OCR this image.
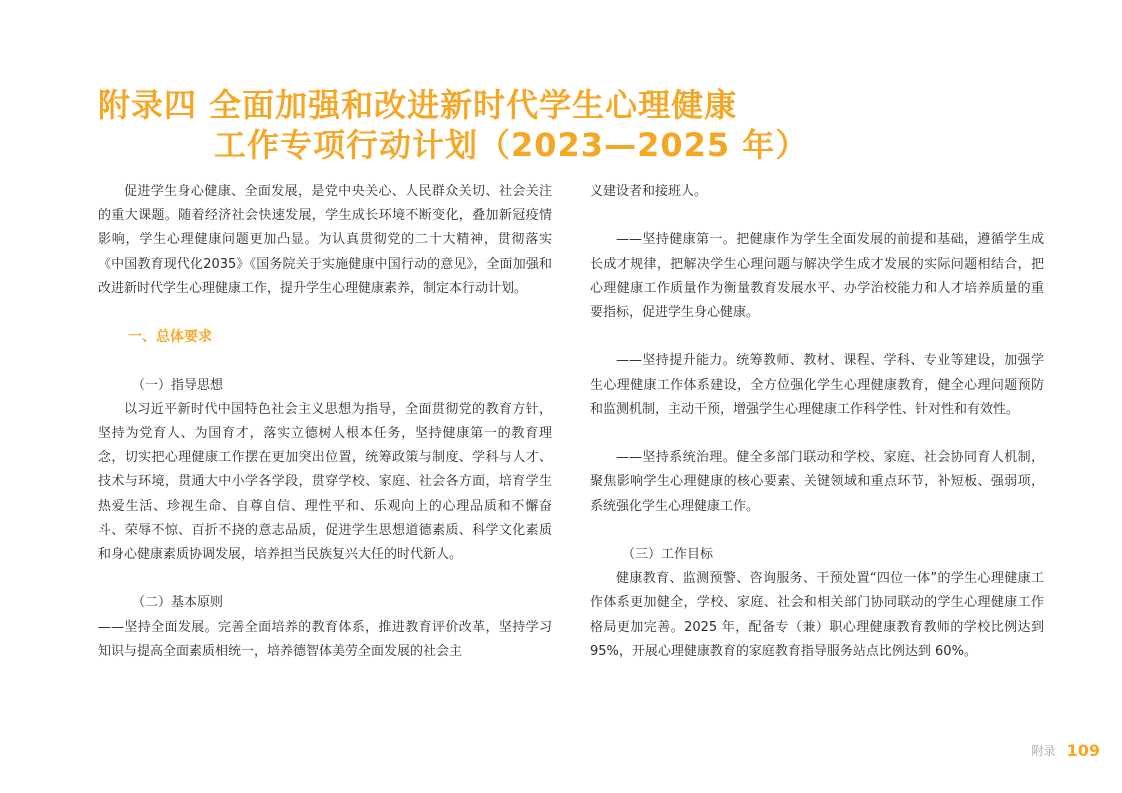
附录四 全面加强和改进新时代学生心理健康
工作专项行动计划（2023—2025 年）

促进学生身心健康、全面发展，是党中央关心、人民群众关切、社会关注的重大课题。随着经济社会快速发展，学生成长环境不断变化，叠加新冠疫情影响，学生心理健康问题更加凸显。为认真贯彻党的二十大精神，贯彻落实《中国教育现代化2035》《国务院关于实施健康中国行动的意见》，全面加强和改进新时代学生心理健康工作，提升学生心理健康素养，制定本行动计划。

一、总体要求

（一）指导思想

以习近平新时代中国特色社会主义思想为指导，全面贯彻党的教育方针，坚持为党育人、为国育才，落实立德树人根本任务，坚持健康第一的教育理念，切实把心理健康工作摆在更加突出位置，统筹政策与制度、学科与人才、技术与环境，贯通大中小学各学段，贯穿学校、家庭、社会各方面，培育学生热爱生活、珍视生命、自尊自信、理性平和、乐观向上的心理品质和不懈奋斗、荣辱不惊、百折不挠的意志品质，促进学生思想道德素质、科学文化素质和身心健康素质协调发展，培养担当民族复兴大任的时代新人。

（二）基本原则

——坚持全面发展。完善全面培养的教育体系，推进教育评价改革，坚持学习知识与提高全面素质相统一，培养德智体美劳全面发展的社会主

义建设者和接班人。

——坚持健康第一。把健康作为学生全面发展的前提和基础，遵循学生成长成才规律，把解决学生心理问题与解决学生成才发展的实际问题相结合，把心理健康工作质量作为衡量教育发展水平、办学治校能力和人才培养质量的重要指标，促进学生身心健康。

——坚持提升能力。统筹教师、教材、课程、学科、专业等建设，加强学生心理健康工作体系建设，全方位强化学生心理健康教育，健全心理问题预防和监测机制，主动干预，增强学生心理健康工作科学性、针对性和有效性。

——坚持系统治理。健全多部门联动和学校、家庭、社会协同育人机制，聚焦影响学生心理健康的核心要素、关键领域和重点环节，补短板、强弱项，系统强化学生心理健康工作。

（三）工作目标

健康教育、监测预警、咨询服务、干预处置“四位一体”的学生心理健康工作体系更加健全，学校、家庭、社会和相关部门协同联动的学生心理健康工作格局更加完善。2025 年，配备专（兼）职心理健康教育教师的学校比例达到 95%，开展心理健康教育的家庭教育指导服务站点比例达到 60%。

附录 109
